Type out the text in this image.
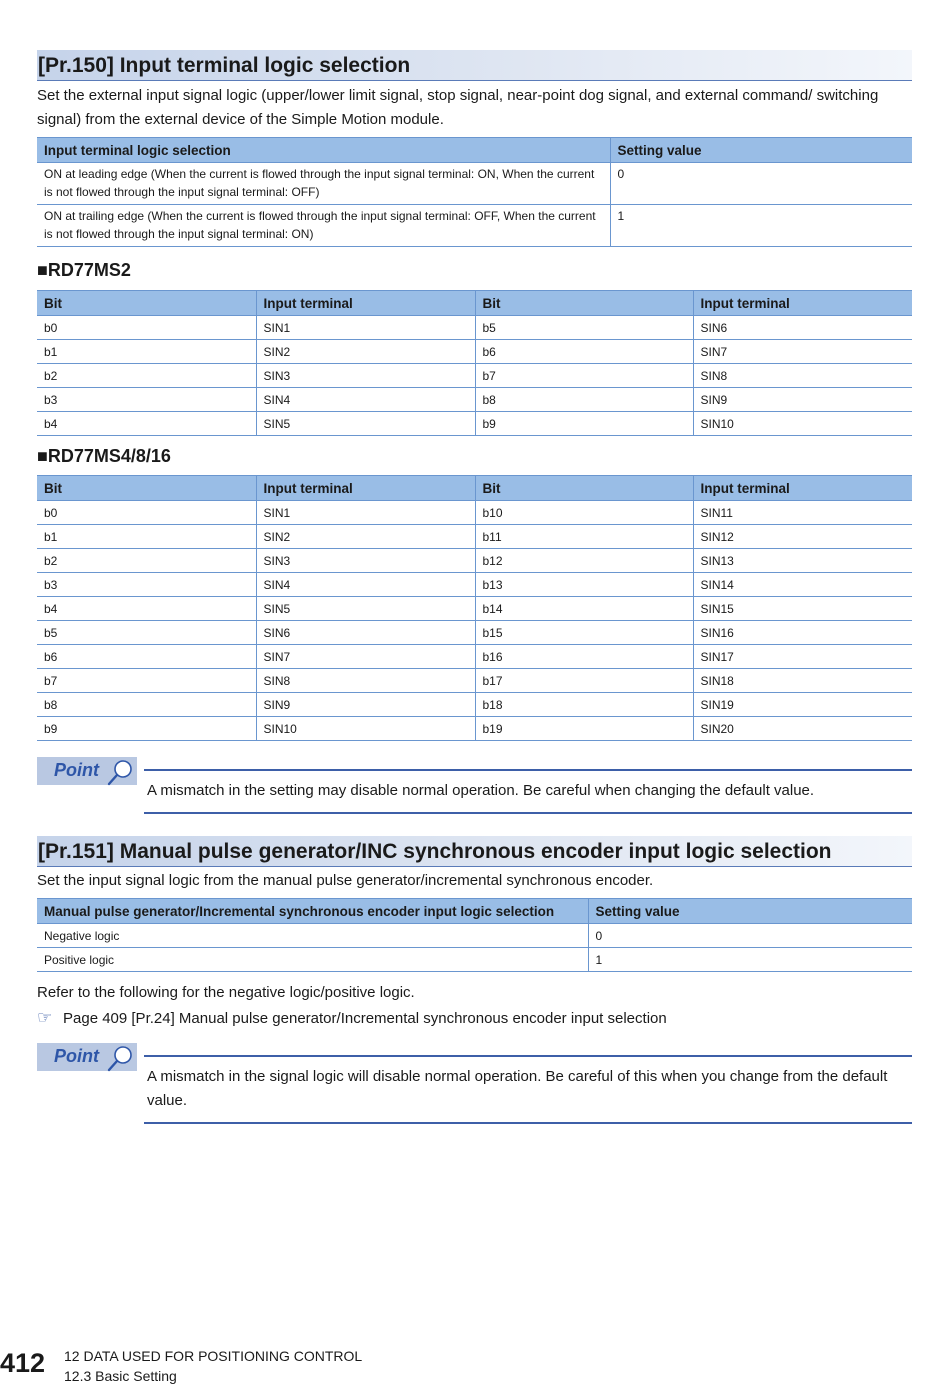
[Pr.150] Input terminal logic selection
Set the external input signal logic (upper/lower limit signal, stop signal, near-point dog signal, and external command/ switching signal) from the external device of the Simple Motion module.
Input terminal logic selection	Setting value
ON at leading edge (When the current is flowed through the input signal terminal: ON, When the current is not flowed through the input signal terminal: OFF)	0
ON at trailing edge (When the current is flowed through the input signal terminal: OFF, When the current is not flowed through the input signal terminal: ON)	1
■RD77MS2
Bit	Input terminal	Bit	Input terminal
b0	SIN1	b5	SIN6
b1	SIN2	b6	SIN7
b2	SIN3	b7	SIN8
b3	SIN4	b8	SIN9
b4	SIN5	b9	SIN10
■RD77MS4/8/16
Bit	Input terminal	Bit	Input terminal
b0	SIN1	b10	SIN11
b1	SIN2	b11	SIN12
b2	SIN3	b12	SIN13
b3	SIN4	b13	SIN14
b4	SIN5	b14	SIN15
b5	SIN6	b15	SIN16
b6	SIN7	b16	SIN17
b7	SIN8	b17	SIN18
b8	SIN9	b18	SIN19
b9	SIN10	b19	SIN20
Point
A mismatch in the setting may disable normal operation. Be careful when changing the default value.
[Pr.151] Manual pulse generator/INC synchronous encoder input logic selection
Set the input signal logic from the manual pulse generator/incremental synchronous encoder.
Manual pulse generator/Incremental synchronous encoder input logic selection	Setting value
Negative logic	0
Positive logic	1
Refer to the following for the negative logic/positive logic.
☞ Page 409 [Pr.24] Manual pulse generator/Incremental synchronous encoder input selection
Point
A mismatch in the signal logic will disable normal operation. Be careful of this when you change from the default value.
412 12 DATA USED FOR POSITIONING CONTROL
12.3 Basic Setting
